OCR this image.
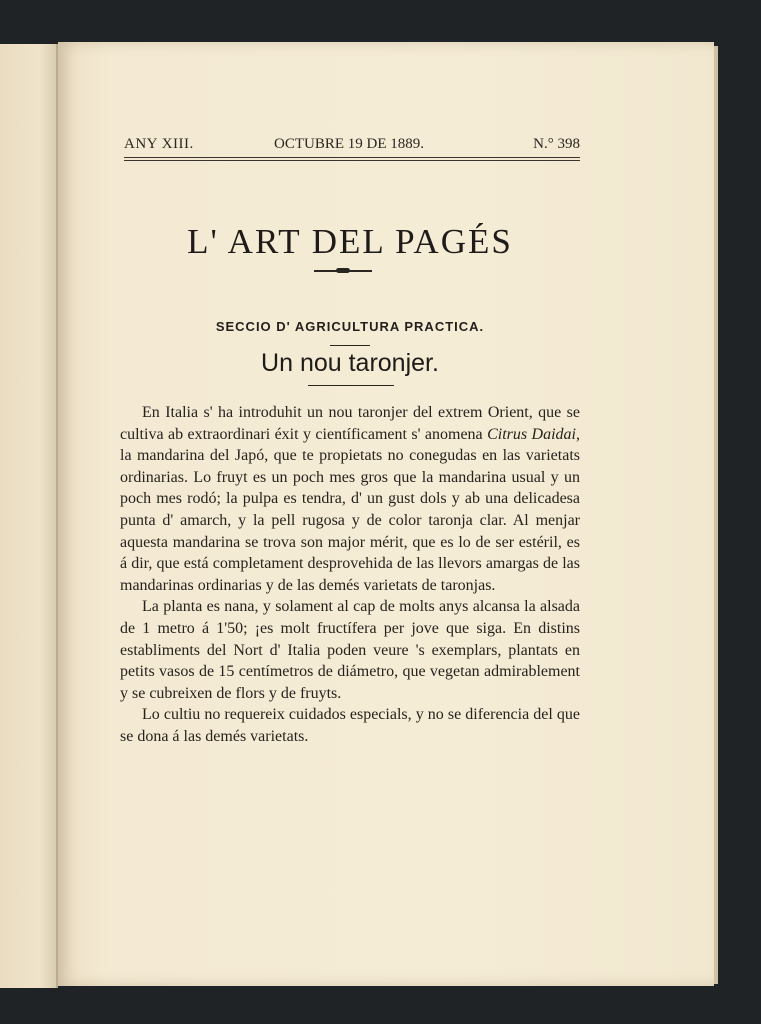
ANY XIII.	OCTUBRE 19 DE 1889.	N.° 398
L' ART DEL PAGÉS
SECCIO D' AGRICULTURA PRACTICA.
Un nou taronjer.

En Italia s' ha introduhit un nou taronjer del extrem Orient, que se cultiva ab extraordinari éxit y científicament s' anomena Citrus Daidai, la mandarina del Japó, que te propietats no conegudas en las varietats ordinarias. Lo fruyt es un poch mes gros que la mandarina usual y un poch mes rodó; la pulpa es tendra, d' un gust dols y ab una delicadesa punta d' amarch, y la pell rugosa y de color taronja clar. Al menjar aquesta mandarina se trova son major mérit, que es lo de ser estéril, es á dir, que está completament desprovehida de las llevors amargas de las mandarinas ordinarias y de las demés varietats de taronjas.

La planta es nana, y solament al cap de molts anys alcansa la alsada de 1 metro á 1'50; ¡es molt fructífera per jove que siga. En distins establiments del Nort d' Italia poden veure 's exemplars, plantats en petits vasos de 15 centímetros de diámetro, que vegetan admirablement y se cubreixen de flors y de fruyts.

Lo cultiu no requereix cuidados especials, y no se diferencia del que se dona á las demés varietats.
